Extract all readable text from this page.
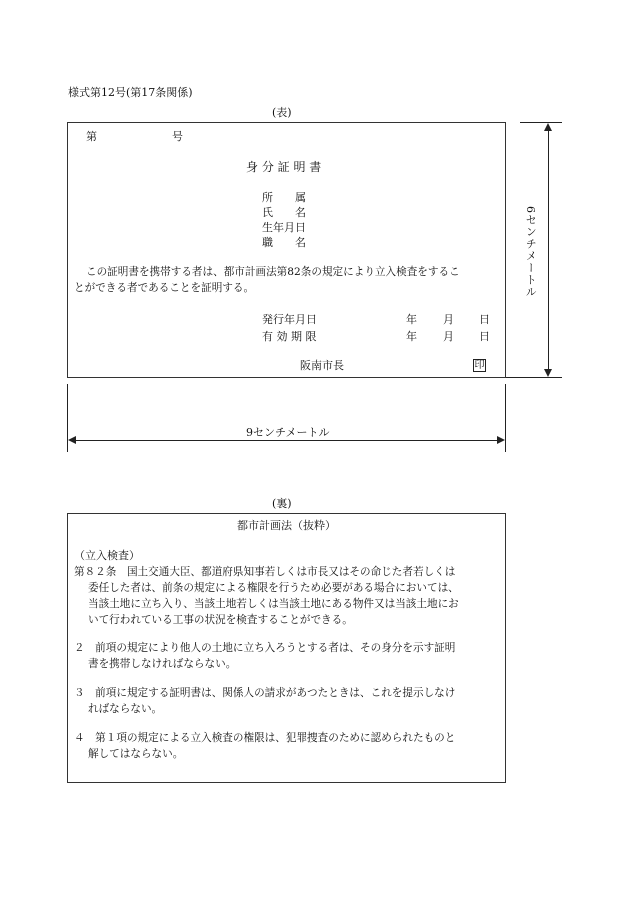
様式第12号(第17条関係)
(表)
第	号
身 分 証 明 書
所　　属
氏　　名
生年月日
職　　名
この証明書を携帯する者は、都市計画法第82条の規定により立入検査をするこ
とができる者であることを証明する。
発行年月日	年 月 日
有 効 期 限	年 月 日
阪南市長	印
6センチメートル
9センチメートル
(裏)
都市計画法（抜粋）
（立入検査）
第８２条　国土交通大臣、都道府県知事若しくは市長又はその命じた者若しくは
委任した者は、前条の規定による権限を行うため必要がある場合においては、
当該土地に立ち入り、当該土地若しくは当該土地にある物件又は当該土地にお
いて行われている工事の状況を検査することができる。
２　前項の規定により他人の土地に立ち入ろうとする者は、その身分を示す証明
書を携帯しなければならない。
３　前項に規定する証明書は、関係人の請求があつたときは、これを提示しなけ
ればならない。
４　第１項の規定による立入検査の権限は、犯罪捜査のために認められたものと
解してはならない。
